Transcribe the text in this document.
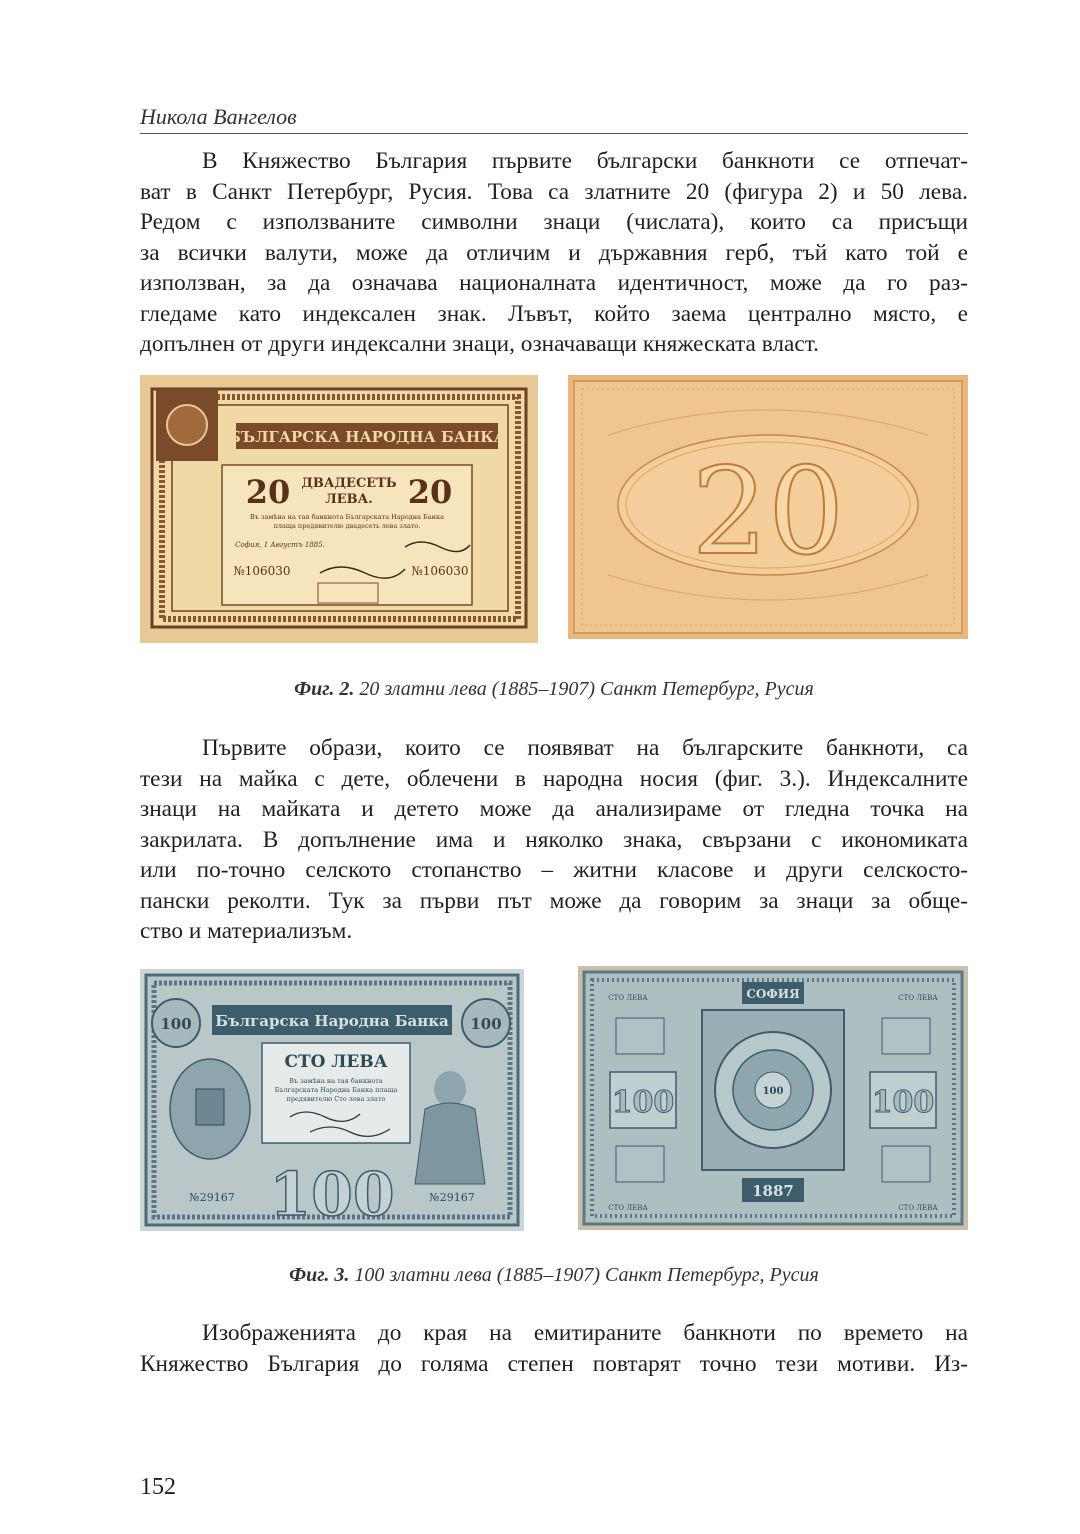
Никола Вангелов
В Княжество България първите български банкноти се отпечат-
ват в Санкт Петербург, Русия. Това са златните 20 (фигура 2) и 50 лева.
Редом с използваните символни знаци (числата), които са присъщи
за всички валути, може да отличим и държавния герб, тъй като той е
използван, за да означава националната идентичност, може да го раз-
гледаме като индексален знак. Лъвът, който заема централно място, е
допълнен от други индексални знаци, означаващи княжеската власт.
БЪЛГАРСКА НАРОДНА БАНКА
20	20
ДВАДЕСЕТЬ
ЛЕВА.
Въ замѣна на тая банкнота Българската Народна Банка
плаща предявителю двадесеть лева злато.
София, 1 Августъ 1885.
№106030	№106030 20
Фиг. 2. 20 златни лева (1885–1907) Санкт Петербург, Русия
Първите образи, които се появяват на българските банкноти, са
тези на майка с дете, облечени в народна носия (фиг. 3.). Индексалните
знаци на майката и детето може да анализираме от гледна точка на
закрилата. В допълнение има и няколко знака, свързани с икономиката
или по-точно селското стопанство – житни класове и други селскосто-
пански реколти. Тук за първи път може да говорим за знаци за обще-
ство и материализъм.
100	100
Българска Народна Банка
СТО ЛЕВА
Въ замѣна на тая банкнота
Българската Народна Банка плаща
предявителю Сто лева злато
100
№29167	№29167
СТО ЛЕВА	СТО ЛЕВА
СТО ЛЕВА	СТО ЛЕВА
СОФИЯ
100
100	100
1887
Фиг. 3. 100 златни лева (1885–1907) Санкт Петербург, Русия
Изображенията до края на емитираните банкноти по времето на
Княжество България до голяма степен повтарят точно тези мотиви. Из-
152
